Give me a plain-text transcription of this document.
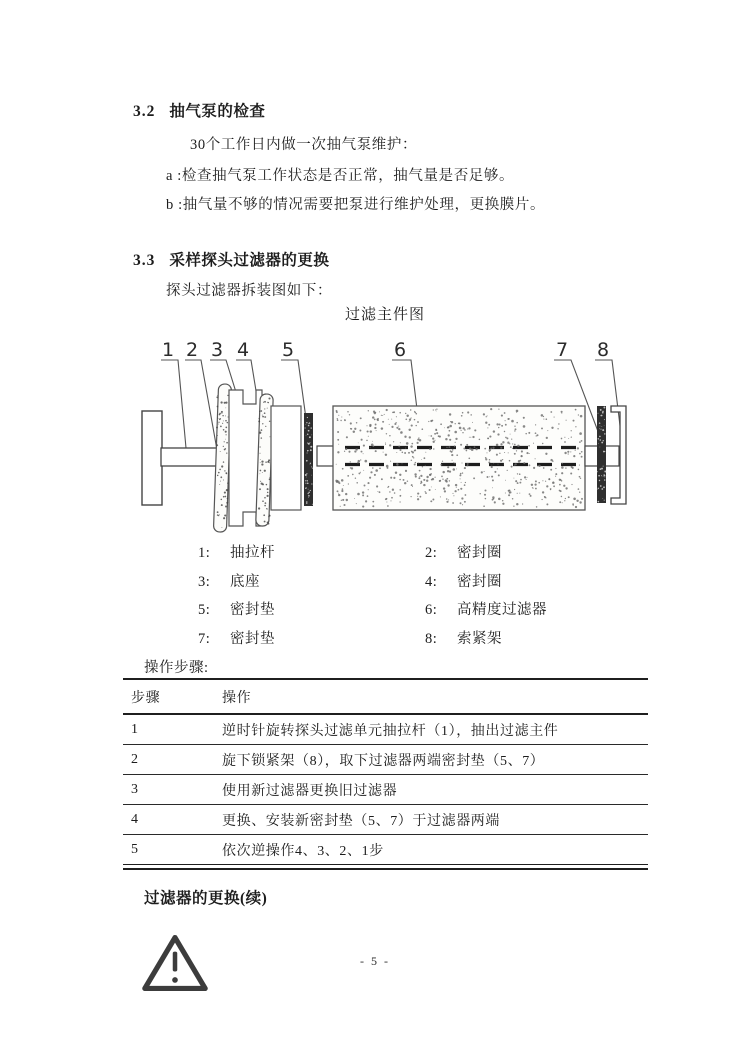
3.2 抽气泵的检查
30个工作日内做一次抽气泵维护：
a :检查抽气泵工作状态是否正常，抽气量是否足够。
b :抽气量不够的情况需要把泵进行维护处理，更换膜片。
3.3 采样探头过滤器的更换
探头过滤器拆装图如下：
过滤主件图
1 2 3 4 5	6	7 8
1: 抽拉杆	2: 密封圈
3: 底座	4: 密封圈
5: 密封垫	6: 高精度过滤器
7: 密封垫	8: 索紧架
操作步骤:
步骤	操作
1	逆时针旋转探头过滤单元抽拉杆（1），抽出过滤主件
2	旋下锁紧架（8），取下过滤器两端密封垫（5、7）
3	使用新过滤器更换旧过滤器
4	更换、安装新密封垫（5、7）于过滤器两端
5	依次逆操作4、3、2、1步
过滤器的更换(续)
- 5 -
